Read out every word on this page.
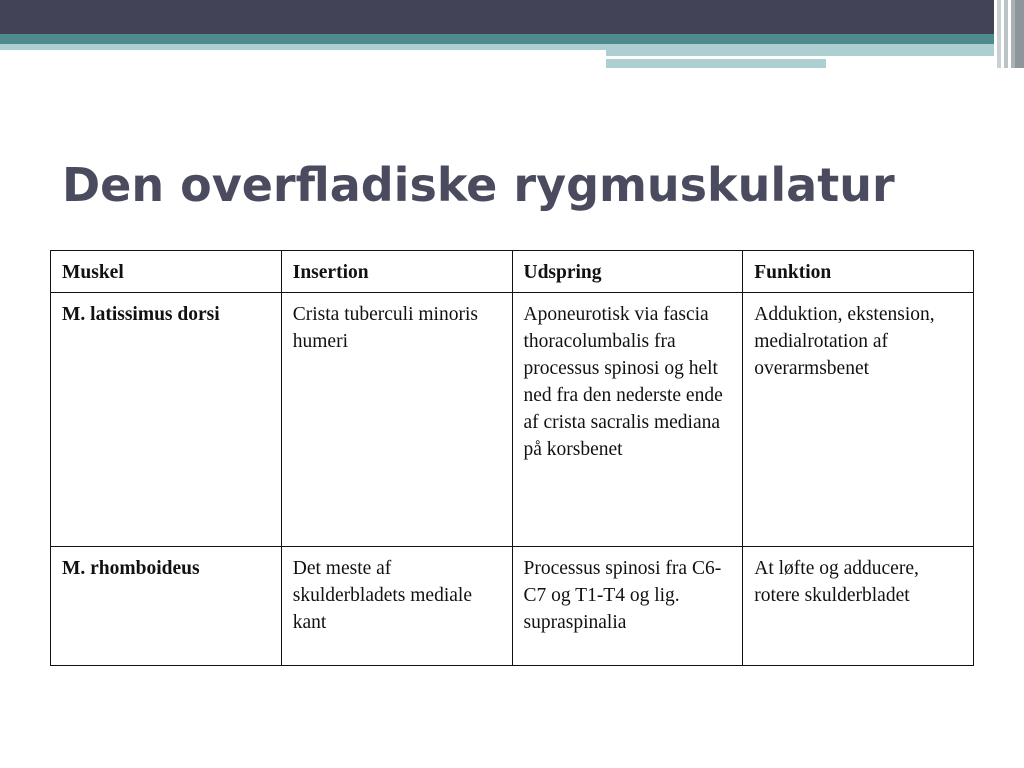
Den overfladiske rygmuskulatur
Muskel	Insertion	Udspring	Funktion
M. latissimus dorsi	Crista tuberculi minoris humeri	Aponeurotisk via fascia thoracolumbalis fra processus spinosi og helt ned fra den nederste ende af crista sacralis mediana på korsbenet	Adduktion, ekstension, medialrotation af overarmsbenet
M. rhomboideus	Det meste af skulderbladets mediale kant	Processus spinosi fra C6-C7 og T1-T4 og lig. supraspinalia	At løfte og adducere, rotere skulderbladet
